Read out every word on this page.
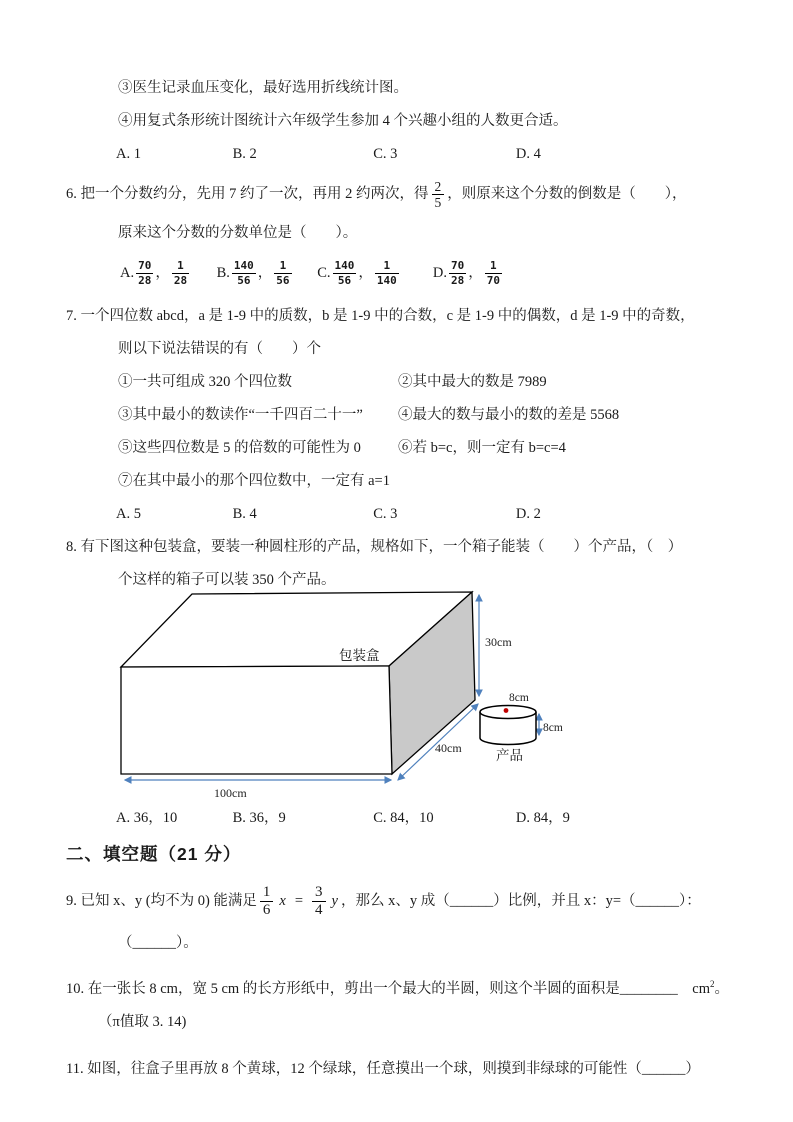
③医生记录血压变化，最好选用折线统计图。
④用复式条形统计图统计六年级学生参加 4 个兴趣小组的人数更合适。
A. 1	B. 2	C. 3	D. 4
6. 把一个分数约分，先用 7 约了一次，再用 2 约两次，得 $\frac{2}{5}$ ，则原来这个分数的倒数是（　　），
原来这个分数的分数单位是（　　）。
A. $\frac{70}{28}$ ， $\frac{1}{28} B$. $\frac{140}{56}$ ， $\frac{1}{56} C$. $\frac{140}{56}$ ， $\frac{1}{140} D$. $\frac{70}{28}$ ， $\frac{1}{70}$
7. 一个四位数 abcd，a 是 1-9 中的质数，b 是 1-9 中的合数，c 是 1-9 中的偶数，d 是 1-9 中的奇数，
则以下说法错误的有（　　）个
①一共可组成 320 个四位数	②其中最大的数是 7989
③其中最小的数读作“一千四百二十一” ④最大的数与最小的数的差是 5568
⑤这些四位数是 5 的倍数的可能性为 0	⑥若 b=c，则一定有 b=c=4
⑦在其中最小的那个四位数中，一定有 a=1
A. 5	B. 4	C. 3	D. 2
8. 有下图这种包装盒，要装一种圆柱形的产品，规格如下，一个箱子能装（　　）个产品，（　）
个这样的箱子可以装 350 个产品。
包装盒
30cm
40cm
100cm
8cm
8cm
产品
A. 36，10	B. 36，9	C. 84，10	D. 84，9
二、填空题（21 分）
9. 已知 x、y (均不为 0) 能满足 $\frac{1}{6}$ $x = \frac{3}{4}$ y ，那么 x、y 成（______）比例，并且 x：y=（______）：
（______）。
10. 在一张长 8 cm，宽 5 cm 的长方形纸中，剪出一个最大的半圆，则这个半圆的面积是________　$cm^2$。
（π值取 3. 14)
11. 如图，往盒子里再放 8 个黄球，12 个绿球，任意摸出一个球，则摸到非绿球的可能性（______）
